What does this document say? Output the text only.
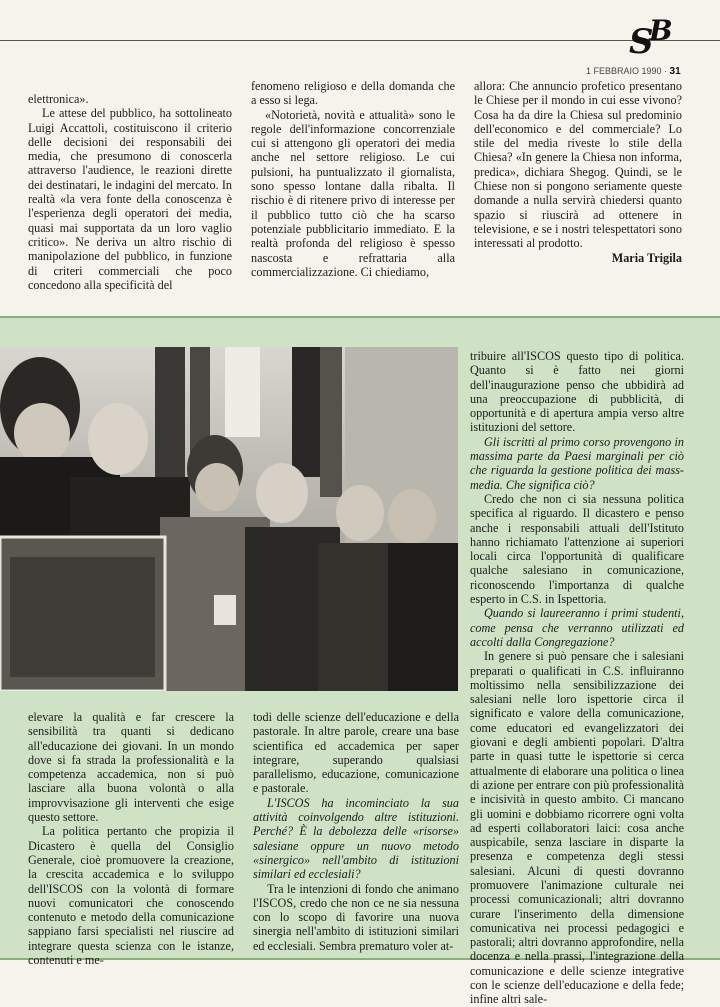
S
B
1 FEBBRAIO 1990 · 31

elettronica».

Le attese del pubblico, ha sottolineato Luigi Accattoli, costituiscono il criterio delle decisioni dei responsabili dei media, che presumono di conoscerla attraverso l'audience, le reazioni dirette dei destinatari, le indagini del mercato. In realtà «la vera fonte della conoscenza è l'esperienza degli operatori dei media, quasi mai supportata da un loro vaglio critico». Ne deriva un altro rischio di manipolazione del pubblico, in funzione di criteri commerciali che poco concedono alla specificità del

fenomeno religioso e della domanda che a esso si lega.

«Notorietà, novità e attualità» sono le regole dell'informazione concorrenziale cui si attengono gli operatori dei media anche nel settore religioso. Le cui pulsioni, ha puntualizzato il giornalista, sono spesso lontane dalla ribalta. Il rischio è di ritenere privo di interesse per il pubblico tutto ciò che ha scarso potenziale pubblicitario immediato. E la realtà profonda del religioso è spesso nascosta e refrattaria alla commercializzazione. Ci chiediamo,

allora: Che annuncio profetico presentano le Chiese per il mondo in cui esse vivono? Cosa ha da dire la Chiesa sul predominio dell'economico e del commerciale? Lo stile del media riveste lo stile della Chiesa? «In genere la Chiesa non informa, predica», dichiara Shegog. Quindi, se le Chiese non si pongono seriamente queste domande a nulla servirà chiedersi quanto spazio si riuscirà ad ottenere in televisione, e se i nostri telespettatori sono interessati al prodotto.

Maria Trigila

tribuire all'ISCOS questo tipo di politica. Quanto si è fatto nei giorni dell'inaugurazione penso che ubbidirà ad una preoccupazione di pubblicità, di opportunità e di apertura ampia verso altre istituzioni del settore.

Gli iscritti al primo corso provengono in massima parte da Paesi marginali per ciò che riguarda la gestione politica dei mass-media. Che significa ciò?

Credo che non ci sia nessuna politica specifica al riguardo. Il dicastero e penso anche i responsabili attuali dell'Istituto hanno richiamato l'attenzione ai superiori locali circa l'opportunità di qualificare qualche salesiano in comunicazione, riconoscendo l'importanza di qualche esperto in C.S. in Ispettoria.

Quando si laureeranno i primi studenti, come pensa che verranno utilizzati ed accolti dalla Congregazione?

In genere si può pensare che i salesiani preparati o qualificati in C.S. influiranno moltissimo nella sensibilizzazione dei salesiani nelle loro ispettorie circa il significato e valore della comunicazione, come educatori ed evangelizzatori dei giovani e degli ambienti popolari. D'altra parte in quasi tutte le ispettorie si cerca attualmente di elaborare una politica o linea di azione per entrare con più professionalità e incisività in questo ambito. Ci mancano gli uomini e dobbiamo ricorrere ogni volta ad esperti collaboratori laici: cosa anche auspicabile, senza lasciare in disparte la presenza e competenza degli stessi salesiani. Alcuni di questi dovranno promuovere l'animazione culturale nei processi comunicazionali; altri dovranno curare l'inserimento della dimensione comunicativa nei processi pedagogici e pastorali; altri dovranno approfondire, nella docenza e nella prassi, l'integrazione della comunicazione e delle scienze integrative con le scienze dell'educazione e della fede; infine altri sale-

elevare la qualità e far crescere la sensibilità tra quanti si dedicano all'educazione dei giovani. In un mondo dove si fa strada la professionalità e la competenza accademica, non si può lasciare alla buona volontà o alla improvvisazione gli interventi che esige questo settore.

La politica pertanto che propizia il Dicastero è quella del Consiglio Generale, cioè promuovere la creazione, la crescita accademica e lo sviluppo dell'ISCOS con la volontà di formare nuovi comunicatori che conoscendo contenuto e metodo della comunicazione sappiano farsi specialisti nel riuscire ad integrare questa scienza con le istanze, contenuti e me-

todi delle scienze dell'educazione e della pastorale. In altre parole, creare una base scientifica ed accademica per saper integrare, superando qualsiasi parallelismo, educazione, comunicazione e pastorale.

L'ISCOS ha incominciato la sua attività coinvolgendo altre istituzioni. Perché? È la debolezza delle «risorse» salesiane oppure un nuovo metodo «sinergico» nell'ambito di istituzioni similari ed ecclesiali?

Tra le intenzioni di fondo che animano l'ISCOS, credo che non ce ne sia nessuna con lo scopo di favorire una nuova sinergia nell'ambito di istituzioni similari ed ecclesiali. Sembra prematuro voler at-
